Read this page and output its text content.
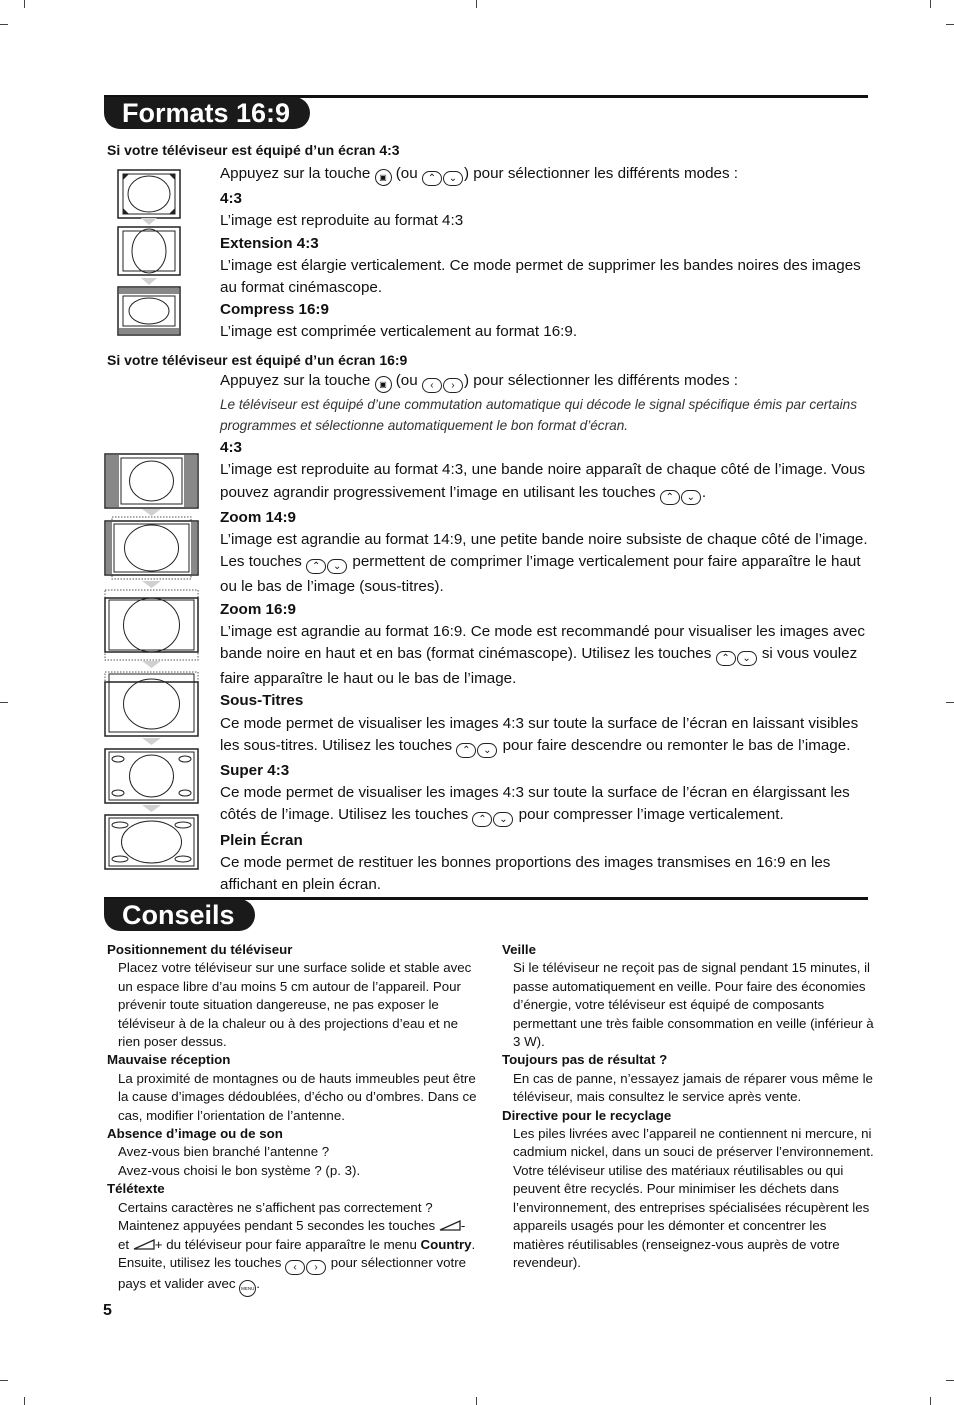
Formats 16:9
Si votre téléviseur est équipé d’un écran 4:3

Appuyez sur la touche ▣ (ou ⌃ ⌄ ) pour sélectionner les différents modes :

4:3

L’image est reproduite au format 4:3

Extension 4:3

L’image est élargie verticalement. Ce mode permet de supprimer les bandes noires des images au format cinémascope.

Compress 16:9

L’image est comprimée verticalement au format 16:9.

Si votre téléviseur est équipé d’un écran 16:9

Appuyez sur la touche ▣ (ou ‹ › ) pour sélectionner les différents modes :

Le téléviseur est équipé d’une commutation automatique qui décode le signal spécifique émis par certains programmes et sélectionne automatiquement le bon format d’écran.

4:3

L’image est reproduite au format 4:3, une bande noire apparaît de chaque côté de l’image. Vous pouvez agrandir progressivement l’image en utilisant les touches ⌃ ⌄ .

Zoom 14:9

L’image est agrandie au format 14:9, une petite bande noire subsiste de chaque côté de l’image. Les touches ⌃ ⌄ permettent de comprimer l’image verticalement pour faire apparaître le haut ou le bas de l’image (sous-titres).

Zoom 16:9

L’image est agrandie au format 16:9. Ce mode est recommandé pour visualiser les images avec bande noire en haut et en bas (format cinémascope). Utilisez les touches ⌃ ⌄ si vous voulez faire apparaître le haut ou le bas de l’image.

Sous-Titres

Ce mode permet de visualiser les images 4:3 sur toute la surface de l’écran en laissant visibles les sous-titres. Utilisez les touches ⌃ ⌄ pour faire descendre ou remonter le bas de l’image.

Super 4:3

Ce mode permet de visualiser les images 4:3 sur toute la surface de l’écran en élargissant les côtés de l’image. Utilisez les touches ⌃ ⌄ pour compresser l’image verticalement.

Plein Écran

Ce mode permet de restituer les bonnes proportions des images transmises en 16:9 en les affichant en plein écran.

Conseils
Positionnement du téléviseur
Placez votre téléviseur sur une surface solide et stable avec un espace libre d’au moins 5 cm autour de l’appareil. Pour prévenir toute situation dangereuse, ne pas exposer le téléviseur à de la chaleur ou à des projections d’eau et ne rien poser dessus.
Mauvaise réception
La proximité de montagnes ou de hauts immeubles peut être la cause d’images dédoublées, d’écho ou d’ombres. Dans ce cas, modifier l’orientation de l’antenne.
Absence d’image ou de son
Avez-vous bien branché l’antenne ?
Avez-vous choisi le bon système ? (p. 3).
Télétexte
Certains caractères ne s’affichent pas correctement ? Maintenez appuyées pendant 5 secondes les touches - et + du téléviseur pour faire apparaître le menu Country. Ensuite, utilisez les touches ‹ › pour sélectionner votre pays et valider avec MENU .
Veille
Si le téléviseur ne reçoit pas de signal pendant 15 minutes, il passe automatiquement en veille. Pour faire des économies d’énergie, votre téléviseur est équipé de composants permettant une très faible consommation en veille (inférieur à 3 W).
Toujours pas de résultat ?
En cas de panne, n’essayez jamais de réparer vous même le téléviseur, mais consultez le service après vente.
Directive pour le recyclage
Les piles livrées avec l’appareil ne contiennent ni mercure, ni cadmium nickel, dans un souci de préserver l’environnement. Votre téléviseur utilise des matériaux réutilisables ou qui peuvent être recyclés. Pour minimiser les déchets dans l’environnement, des entreprises spécialisées récupèrent les appareils usagés pour les démonter et concentrer les matières réutilisables (renseignez-vous auprès de votre revendeur).
5
